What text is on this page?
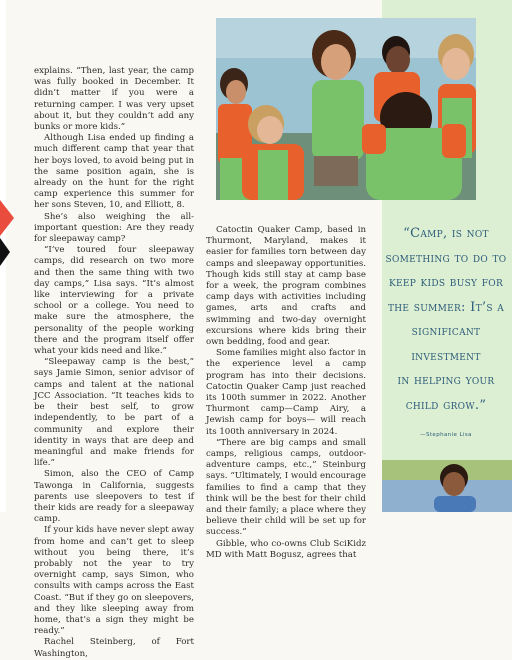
explains. “Then, last year, the camp was fully booked in December. It didn’t matter if you were a returning camper. I was very upset about it, but they couldn’t add any bunks or more kids.”

Although Lisa ended up finding a much different camp that year that her boys loved, to avoid being put in the same position again, she is already on the hunt for the right camp experience this summer for her sons Steven, 10, and Elliott, 8.

She’s also weighing the all-important question: Are they ready for sleepaway camp?

“I’ve toured four sleepaway camps, did research on two more and then the same thing with two day camps,” Lisa says. “It’s almost like interviewing for a private school or a college. You need to make sure the atmosphere, the personality of the people working there and the program itself offer what your kids need and like.”

“Sleepaway camp is the best,” says Jamie Simon, senior advisor of camps and talent at the national JCC Association. “It teaches kids to be their best self, to grow independently, to be part of a community and explore their identity in ways that are deep and meaningful and make friends for life.”

Simon, also the CEO of Camp Tawonga in California, suggests parents use sleepovers to test if their kids are ready for a sleepaway camp.

If your kids have never slept away from home and can’t get to sleep without you being there, it’s probably not the year to try overnight camp, says Simon, who consults with camps across the East Coast. “But if they go on sleepovers, and they like sleeping away from home, that’s a sign they might be ready.”

Rachel Steinberg, of Fort Washington,

Catoctin Quaker Camp, based in Thurmont, Maryland, makes it easier for families torn between day camps and sleepaway opportunities. Though kids still stay at camp base for a week, the program combines camp days with activities including games, arts and crafts and swimming and two-day overnight excursions where kids bring their own bedding, food and gear.

Some families might also factor in the experience level a camp program has into their decisions. Catoctin Quaker Camp just reached its 100th summer in 2022. Another Thurmont camp—Camp Airy, a Jewish camp for boys— will reach its 100th anniversary in 2024.

“There are big camps and small camps, religious camps, outdoor-adventure camps, etc.,” Steinburg says. “Ultimately, I would encourage families to find a camp that they think will be the best for their child and their family; a place where they believe their child will be set up for success.”

Gibble, who co-owns Club SciKidz MD with Matt Bogusz, agrees that

“Camp, is not
something to do to
keep kids busy for
the summer: It’s a
significant investment
in helping your
child grow.”
—Stephanie Lisa
